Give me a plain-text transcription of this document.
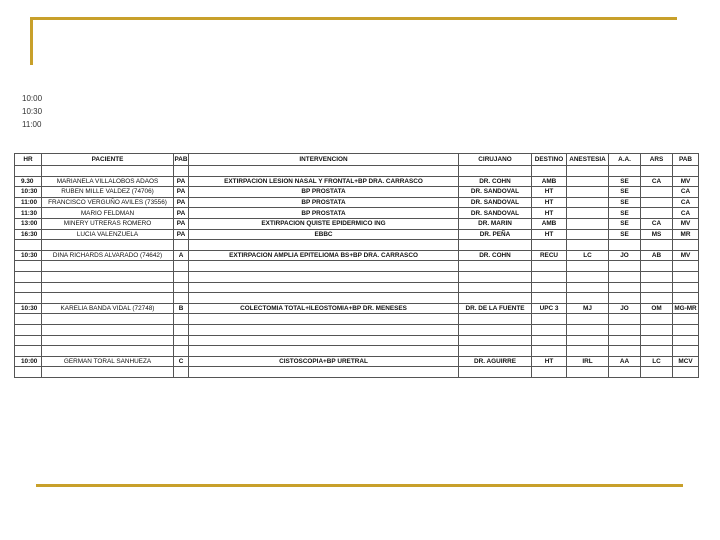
10:00
10:30
11:00
HR	PACIENTE	PAB	INTERVENCION	CIRUJANO	DESTINO	ANESTESIA	A.A.	ARS	PAB

9.30	MARIANELA VILLALOBOS ADAOS	PA	EXTIRPACION LESION NASAL Y FRONTAL+BP DRA. CARRASCO	DR. COHN	AMB		SE	CA	MV
10:30	RUBEN MILLE VALDEZ (74706)	PA	BP PROSTATA	DR. SANDOVAL	HT		SE		CA
11:00	FRANCISCO VERGUÑO AVILES (73556)	PA	BP PROSTATA	DR. SANDOVAL	HT		SE		CA
11:30	MARIO FELDMAN	PA	BP PROSTATA	DR. SANDOVAL	HT		SE		CA
13:00	MINERY UTRERAS ROMERO	PA	EXTIRPACION QUISTE EPIDERMICO ING	DR. MARIN	AMB		SE	CA	MV
16:30	LUCIA VALENZUELA	PA	EBBC	DR. PEÑA	HT		SE	MS	MR

10:30	DINA RICHARDS ALVARADO (74642)	A	EXTIRPACION AMPLIA EPITELIOMA BS+BP DRA. CARRASCO	DR. COHN	RECU	LC	JO	AB	MV

10:30	KARELIA BANDA VIDAL (72748)	B	COLECTOMIA TOTAL+ILEOSTOMIA+BP DR. MENESES	DR. DE LA FUENTE	UPC 3	MJ	JO	OM	MG-MR

10:00	GERMAN TORAL SANHUEZA	C	CISTOSCOPIA+BP URETRAL	DR. AGUIRRE	HT	IRL	AA	LC	MCV
